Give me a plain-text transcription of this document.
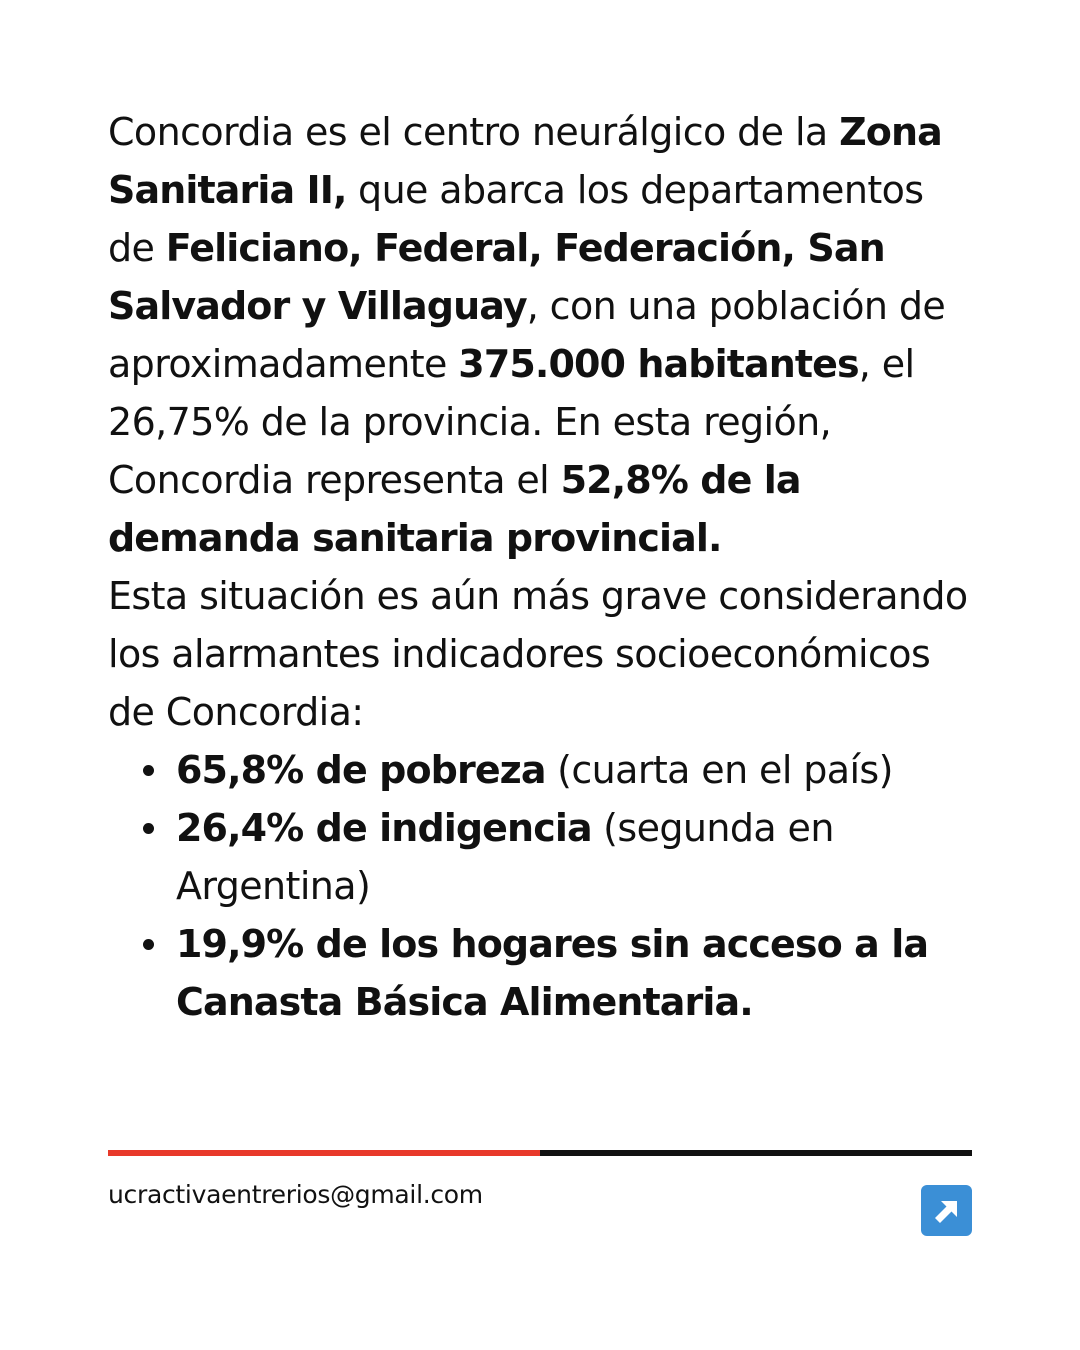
Concordia es el centro neurálgico de la Zona Sanitaria II, que abarca los departamentos de Feliciano, Federal, Federación, San Salvador y Villaguay, con una población de aproximadamente 375.000 habitantes, el 26,75% de la provincia. En esta región, Concordia representa el 52,8% de la demanda sanitaria provincial.

Esta situación es aún más grave considerando los alarmantes indicadores socioeconómicos de Concordia:

65,8% de pobreza (cuarta en el país)
26,4% de indigencia (segunda en Argentina)
19,9% de los hogares sin acceso a la Canasta Básica Alimentaria.
ucractivaentrerios@gmail.com
